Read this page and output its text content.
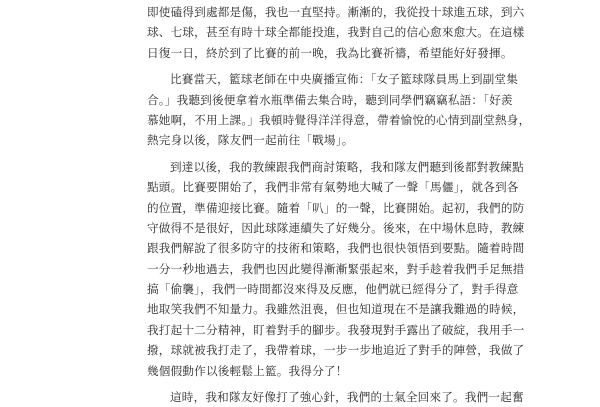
即使磕得到處都是傷，我也一直堅持。漸漸的，我從投十球進五球，到六
球、七球，甚至有時十球全都能投進，我對自己的信心愈來愈大。在這樣
日復一日，終於到了比賽的前一晚，我為比賽祈禱，希望能好好發揮。
比賽當天，籃球老師在中央廣播宣佈：「女子籃球隊員馬上到副堂集
合。」我聽到後便拿着水瓶準備去集合時，聽到同學們竊竊私語：「好羨
慕她啊，不用上課。」我頓時覺得洋洋得意，帶着愉悅的心情到副堂熱身，
熱完身以後，隊友們一起前往「戰場」。
到達以後，我的教練跟我們商討策略，我和隊友們聽到後都對教練點
點頭。比賽要開始了，我們非常有氣勢地大喊了一聲「馬儷」，就各到各
的位置，準備迎接比賽。隨着「叭」的一聲，比賽開始。起初，我們的防
守做得不是很好，因此球隊連續失了好幾分。後來，在中場休息時，教練
跟我們解說了很多防守的技術和策略，我們也很快領悟到要點。隨着時間
一分一秒地過去，我們也因此變得漸漸緊張起來，對手趁着我們手足無措
搞「偷襲」，我們一時間都沒來得及反應，他們就已經得分了，對手得意
地取笑我們不知量力。我雖然沮喪，但也知道現在不是讓我難過的時候，
我打起十二分精神，盯着對手的腳步。我發現對手露出了破綻，我用手一
撥，球就被我打走了，我帶着球，一步一步地追近了對手的陣營，我做了
幾個假動作以後輕鬆上籃。我得分了！
這時，我和隊友好像打了強心針，我們的士氣全回來了。我們一起奮
